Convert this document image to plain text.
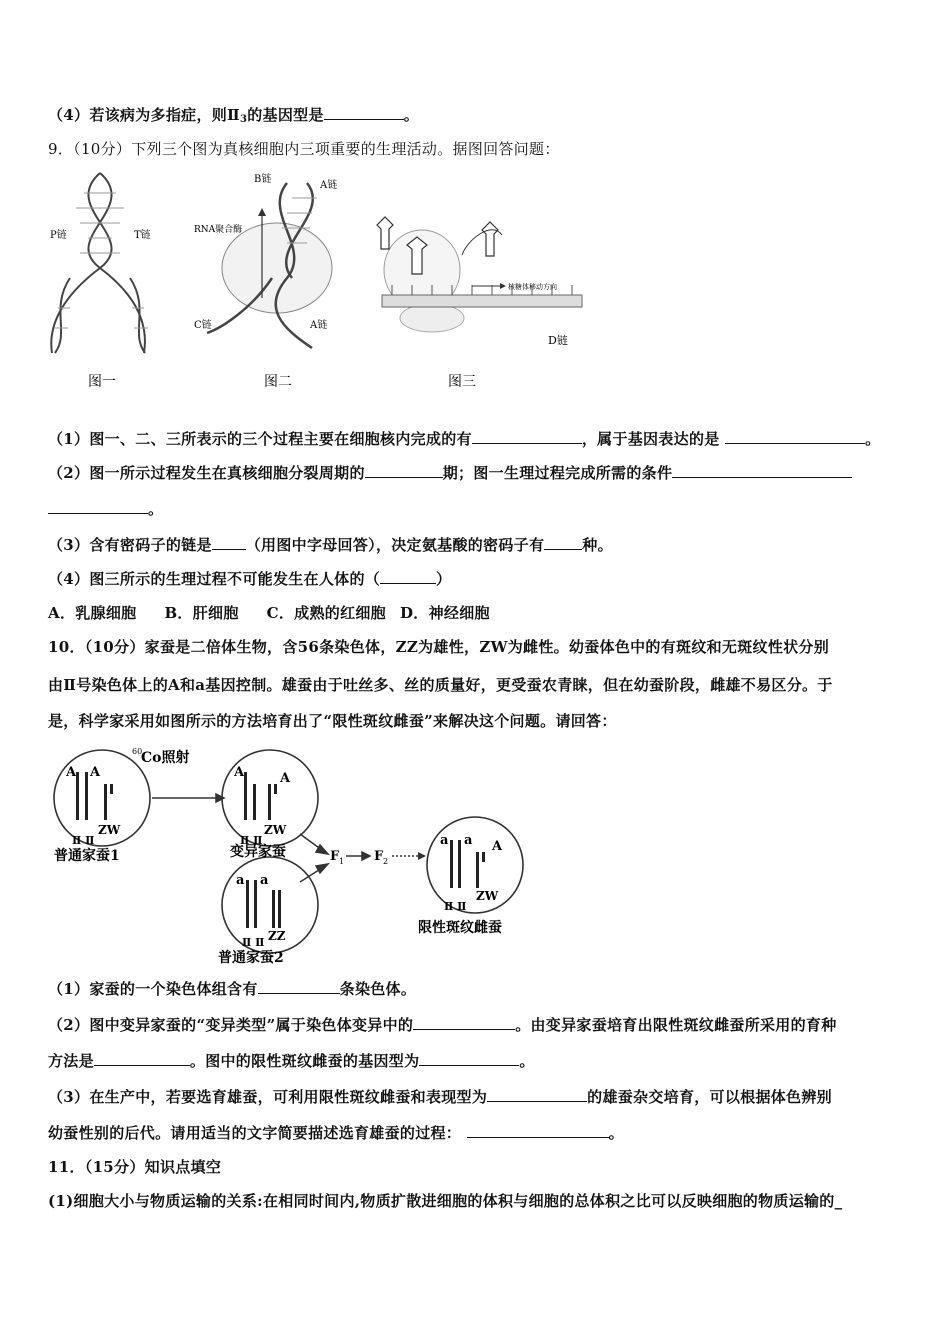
（4）若该病为多指症，则$Ⅱ_3$的基因型是	。
9．（10分）下列三个图为真核细胞内三项重要的生理活动。据图回答问题：
P链	T链
图一
B链
A链
RNA聚合酶
C链	A链
图二
核糖体移动方向
D链
图三
（1）图一、二、三所表示的三个过程主要在细胞核内完成的有	，属于基因表达的是	。
（2）图一所示过程发生在真核细胞分裂周期的	期；图一生理过程完成所需的条件
。
（3）含有密码子的链是 （用图中字母回答），决定氨基酸的密码子有	种。
（4）图三所示的生理过程不可能发生在人体的（	）
A．乳腺细胞 B．肝细胞 C．成熟的红细胞 D．神经细胞
10．（10分）家蚕是二倍体生物，含56条染色体，ZZ为雄性，ZW为雌性。幼蚕体色中的有斑纹和无斑纹性状分别
由Ⅱ号染色体上的A和a基因控制。雄蚕由于吐丝多、丝的质量好，更受蚕农青睐，但在幼蚕阶段，雌雄不易区分。于
是，科学家采用如图所示的方法培育出了“限性斑纹雌蚕”来解决这个问题。请回答：
A A
ZW
Ⅱ Ⅱ
A	A
ZW
Ⅱ Ⅱ
a a
ZZ
Ⅱ Ⅱ
a a A
ZW
Ⅱ Ⅱ
60
Co照射
普通家蚕1	变异家蚕
普通家蚕2
限性斑纹雌蚕
F 1 F 2
（1）家蚕的一个染色体组含有	条染色体。
（2）图中变异家蚕的“变异类型”属于染色体变异中的	。由变异家蚕培育出限性斑纹雌蚕所采用的育种
方法是	。图中的限性斑纹雌蚕的基因型为	。
（3）在生产中，若要选育雄蚕，可利用限性斑纹雌蚕和表现型为	的雄蚕杂交培育，可以根据体色辨别
幼蚕性别的后代。请用适当的文字简要描述选育雄蚕的过程：	。
11．（15分）知识点填空
(1)细胞大小与物质运输的关系:在相同时间内,物质扩散进细胞的体积与细胞的总体积之比可以反映细胞的物质运输的_
